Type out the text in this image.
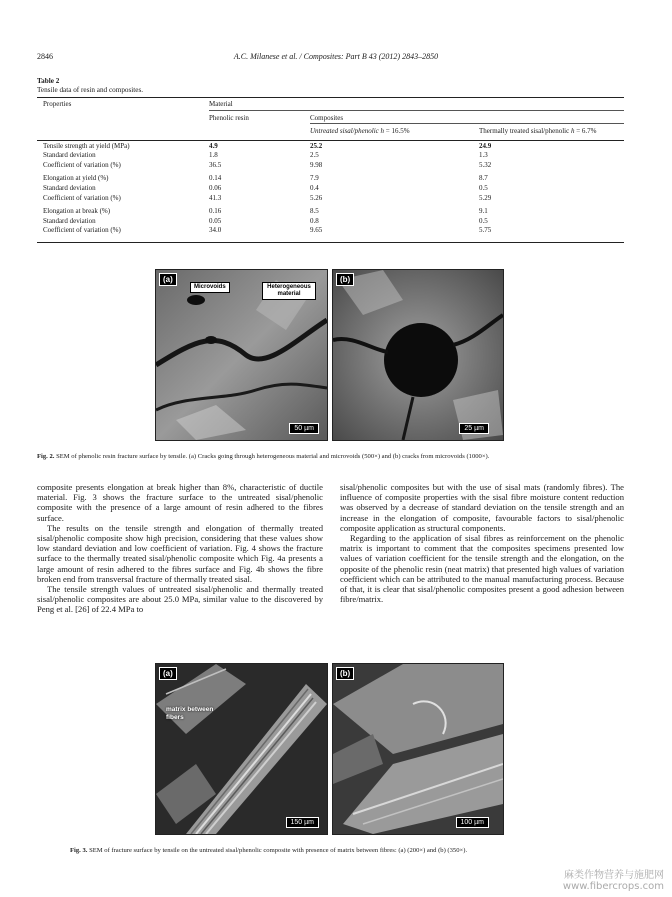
2846	A.C. Milanese et al. / Composites: Part B 43 (2012) 2843–2850
Table 2
Tensile data of resin and composites.
Properties	Material		
	Phenolic resin	Composites	
		Untreated sisal/phenolic h = 16.5%	Thermally treated sisal/phenolic h = 6.7%

Tensile strength at yield (MPa)	4.9	25.2	24.9
Standard deviation	1.8	2.5	1.3
Coefficient of variation (%)	36.5	9.98	5.32

Elongation at yield (%)	0.14	7.9	8.7
Standard deviation	0.06	0.4	0.5
Coefficient of variation (%)	41.3	5.26	5.29

Elongation at break (%)	0.16	8.5	9.1
Standard deviation	0.05	0.8	0.5
Coefficient of variation (%)	34.0	9.65	5.75
(a)
Microvoids	Heterogeneous material
50 µm
(b)
25 µm
Fig. 2. SEM of phenolic resin fracture surface by tensile. (a) Cracks going through heterogeneous material and microvoids (500×) and (b) cracks from microvoids (1000×).

composite presents elongation at break higher than 8%, characteristic of ductile material. Fig. 3 shows the fracture surface to the untreated sisal/phenolic composite with the presence of a large amount of resin adhered to the fibres surface.

The results on the tensile strength and elongation of thermally treated sisal/phenolic composite show high precision, considering that these values show low standard deviation and low coefficient of variation. Fig. 4 shows the fracture surface to the thermally treated sisal/phenolic composite which Fig. 4a presents a large amount of resin adhered to the fibres surface and Fig. 4b shows the fibre broken end from transversal fracture of thermally treated sisal.

The tensile strength values of untreated sisal/phenolic and thermally treated sisal/phenolic composites are about 25.0 MPa, similar value to the discovered by Peng et al. [26] of 22.4 MPa to

sisal/phenolic composites but with the use of sisal mats (randomly fibres). The influence of composite properties with the sisal fibre moisture content reduction was observed by a decrease of standard deviation on the tensile strength and an increase in the elongation of composite, favourable factors to sisal/phenolic composite application as structural components.

Regarding to the application of sisal fibres as reinforcement on the phenolic matrix is important to comment that the composites specimens presented low values of variation coefficient for the tensile strength and the elongation, on the opposite of the phenolic resin (neat matrix) that presented high values of variation coefficient which can be attributed to the manual manufacturing process. Because of that, it is clear that sisal/phenolic composites present a good adhesion between fibre/matrix.

(a)
matrix between fibers
150 µm
(b)
100 µm
Fig. 3. SEM of fracture surface by tensile on the untreated sisal/phenolic composite with presence of matrix between fibres: (a) (200×) and (b) (350×).
麻类作物营养与施肥网
www.fibercrops.com
